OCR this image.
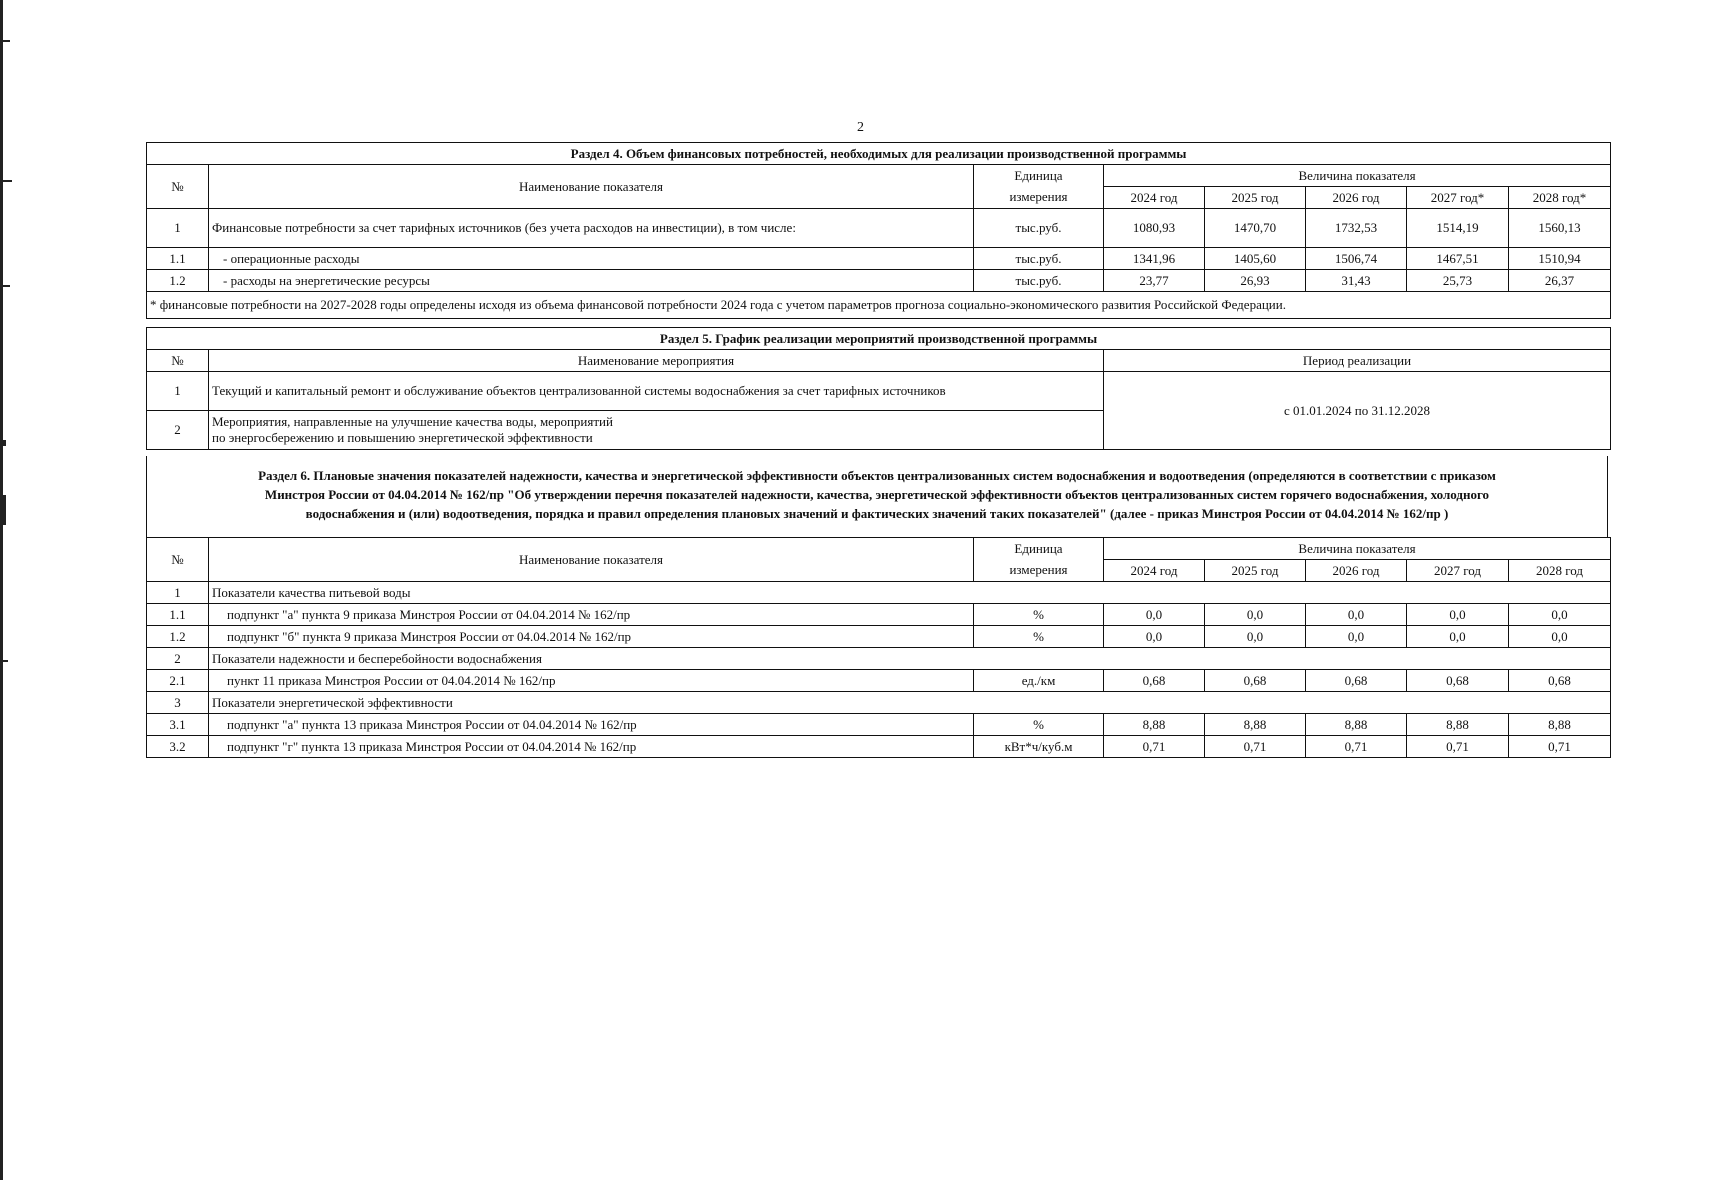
2
Раздел 4. Объем финансовых потребностей, необходимых для реализации производственной программы							
№	Наименование показателя	Единица	Величина показателя				
		измерения	2024 год	2025 год	2026 год	2027 год*	2028 год*
1	Финансовые потребности за счет тарифных источников (без учета расходов на инвестиции), в том числе:	тыс.руб.	1080,93	1470,70	1732,53	1514,19	1560,13
1.1	- операционные расходы	тыс.руб.	1341,96	1405,60	1506,74	1467,51	1510,94
1.2	- расходы на энергетические ресурсы	тыс.руб.	23,77	26,93	31,43	25,73	26,37
* финансовые потребности на 2027-2028 годы определены исходя из объема финансовой потребности 2024 года с учетом параметров прогноза социально-экономического развития Российской Федерации.							
Раздел 5. График реализации мероприятий производственной программы		
№	Наименование мероприятия	Период реализации
1	Текущий и капитальный ремонт и обслуживание объектов централизованной системы водоснабжения за счет тарифных источников	с 01.01.2024 по 31.12.2028
2	Мероприятия, направленные на улучшение качества воды, мероприятий
по энергосбережению и повышению энергетической эффективности	
Раздел 6. Плановые значения показателей надежности, качества и энергетической эффективности объектов централизованных систем водоснабжения и водоотведения (определяются в соответствии с приказом
Минстроя России от 04.04.2014 № 162/пр "Об утверждении перечня показателей надежности, качества, энергетической эффективности объектов централизованных систем горячего водоснабжения, холодного
водоснабжения и (или) водоотведения, порядка и правил определения плановых значений и фактических значений таких показателей" (далее - приказ Минстроя России от 04.04.2014 № 162/пр )
№	Наименование показателя	Единица	Величина показателя				
		измерения	2024 год	2025 год	2026 год	2027 год	2028 год
1	Показатели качества питьевой воды						
1.1	подпункт "а" пункта 9 приказа Минстроя России от 04.04.2014 № 162/пр	%	0,0	0,0	0,0	0,0	0,0
1.2	подпункт "б" пункта 9 приказа Минстроя России от 04.04.2014 № 162/пр	%	0,0	0,0	0,0	0,0	0,0
2	Показатели надежности и бесперебойности водоснабжения						
2.1	пункт 11 приказа Минстроя России от 04.04.2014 № 162/пр	ед./км	0,68	0,68	0,68	0,68	0,68
3	Показатели энергетической эффективности						
3.1	подпункт "а" пункта 13 приказа Минстроя России от 04.04.2014 № 162/пр	%	8,88	8,88	8,88	8,88	8,88
3.2	подпункт "г" пункта 13 приказа Минстроя России от 04.04.2014 № 162/пр	кВт*ч/куб.м	0,71	0,71	0,71	0,71	0,71
